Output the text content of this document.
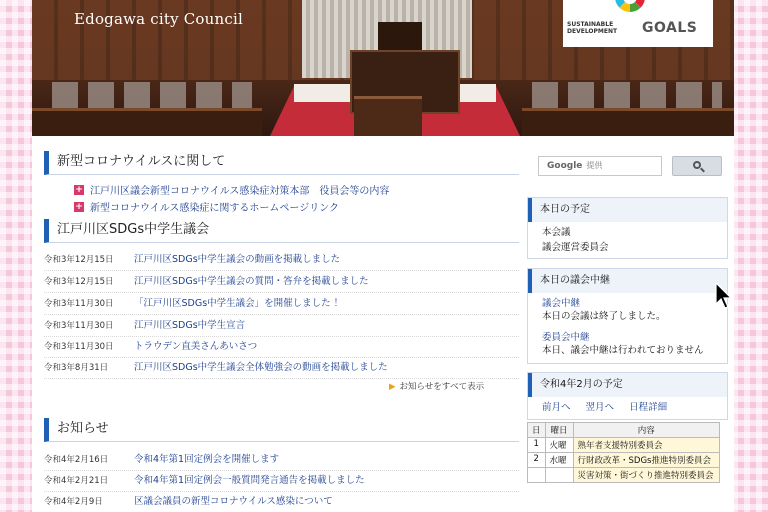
Edogawa city Council	SUSTAINABLE
DEVELOPMENT GOALS
新型コロナウイルスに関して
+ 江戸川区議会新型コロナウイルス感染症対策本部　役員会等の内容
+ 新型コロナウイルス感染症に関するホームページリンク
江戸川区SDGs中学生議会
令和3年12月15日 江戸川区SDGs中学生議会の動画を掲載しました
令和3年12月15日 江戸川区SDGs中学生議会の質問・答弁を掲載しました
令和3年11月30日 「江戸川区SDGs中学生議会」を開催しました ！
令和3年11月30日 江戸川区SDGs中学生宣言
令和3年11月30日 トラウデン直美さんあいさつ
令和3年8月31日	江戸川区SDGs中学生議会全体勉強会の動画を掲載しました
▶ お知らせをすべて表示
お知らせ
令和4年2月16日	令和4年第1回定例会を開催します
令和4年2月21日	令和4年第1回定例会一般質問発言通告を掲載しました
令和4年2月9日	区議会議員の新型コロナウイルス感染について
Google 提供
本日の予定
本会議
議会運営委員会
本日の議会中継
議会中継
本日の会議は終了しました。
委員会中継
本日、議会中継は行われておりません
令和4年2月の予定
前月へ 翌月へ 日程詳細
日	曜日	内容
1	火曜	熟年者支援特別委員会
2	水曜	行財政改革・SDGs推進特別委員会
		災害対策・街づくり推進特別委員会
